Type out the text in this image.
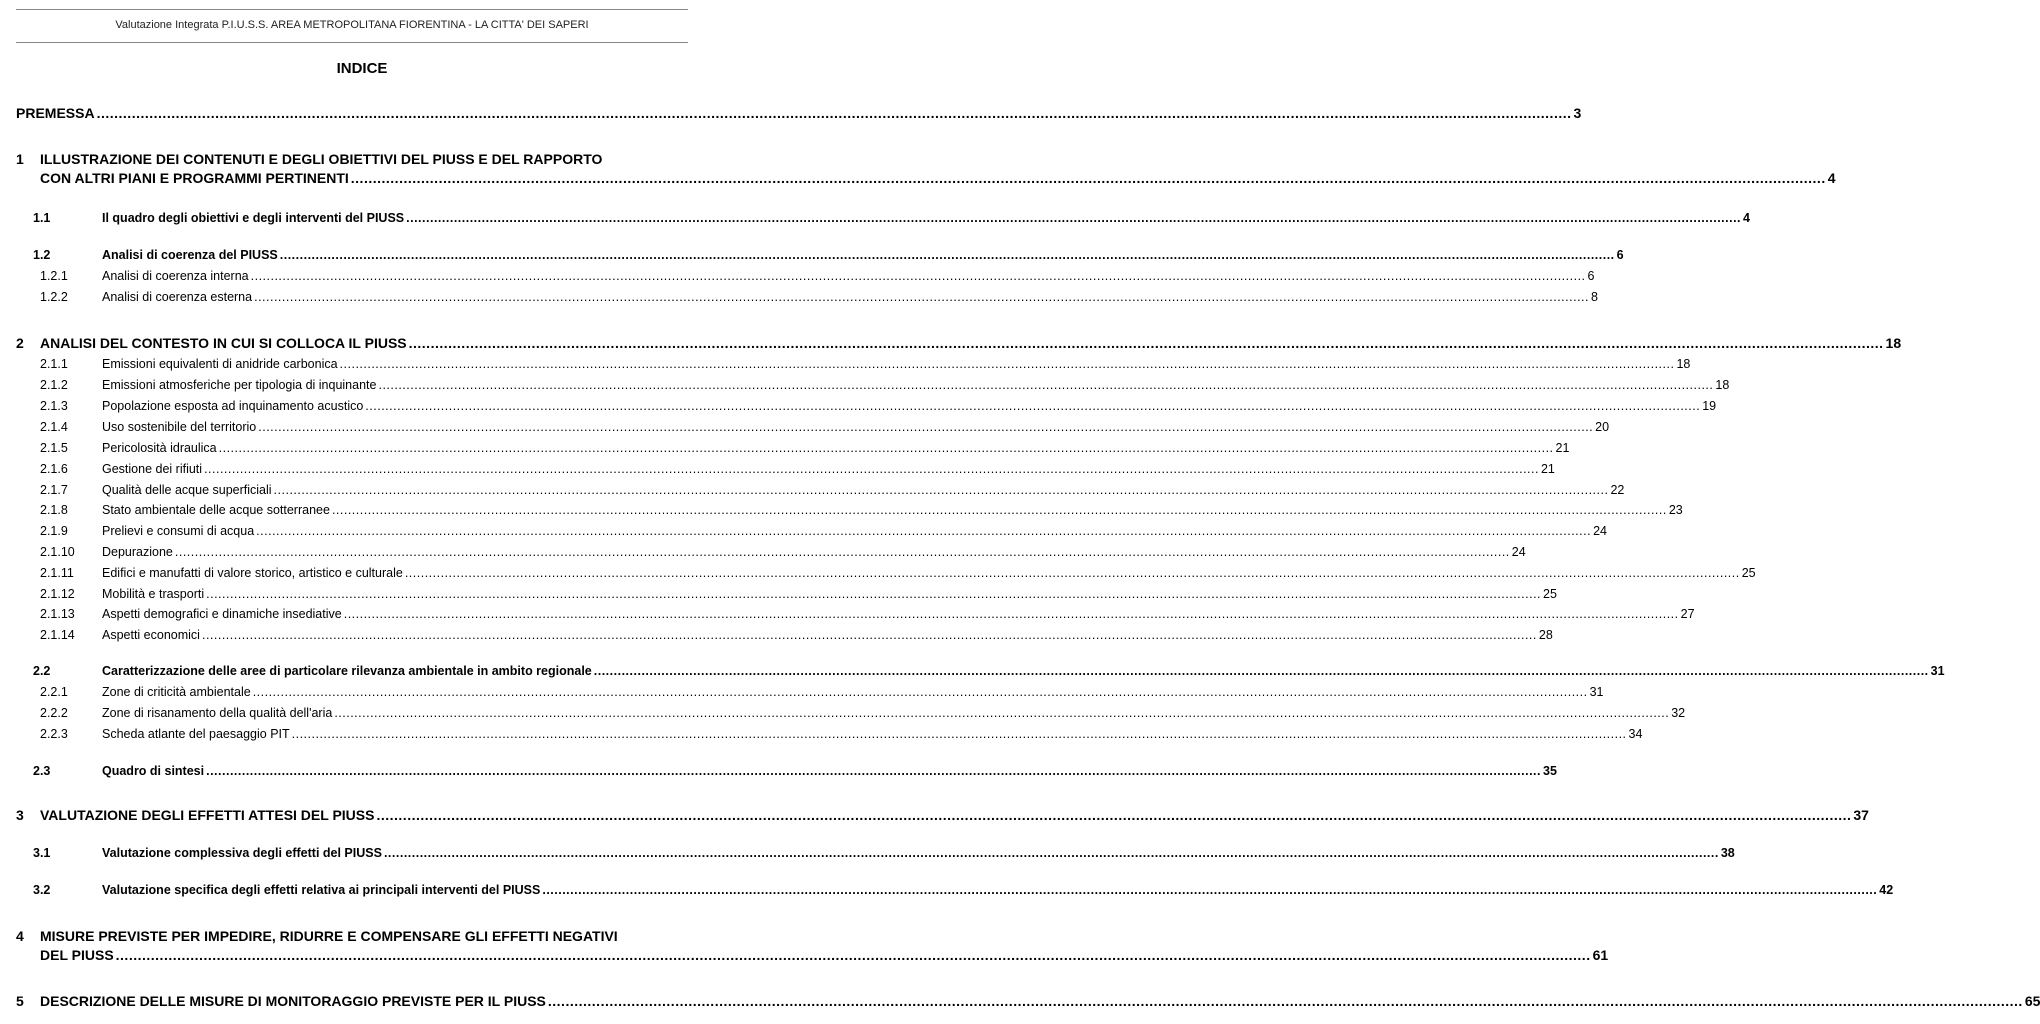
Valutazione Integrata P.I.U.S.S. AREA METROPOLITANA FIORENTINA - LA CITTA' DEI SAPERI
INDICE
PREMESSA .....	3
1	ILLUSTRAZIONE DEI CONTENUTI E DEGLI OBIETTIVI DEL PIUSS E DEL RAPPORTO
CON ALTRI PIANI E PROGRAMMI PERTINENTI .....	4
1.1	Il quadro degli obiettivi e degli interventi del PIUSS .....	4
1.2	Analisi di coerenza del PIUSS .....	6
1.2.1	Analisi di coerenza interna .....	6
1.2.2	Analisi di coerenza esterna .....	8
2	ANALISI DEL CONTESTO IN CUI SI COLLOCA IL PIUSS .....	18
2.1.1	Emissioni equivalenti di anidride carbonica .....	18
2.1.2	Emissioni atmosferiche per tipologia di inquinante .....	18
2.1.3	Popolazione esposta ad inquinamento acustico .....	19
2.1.4	Uso sostenibile del territorio .....	20
2.1.5	Pericolosità idraulica .....	21
2.1.6	Gestione dei rifiuti .....	21
2.1.7	Qualità delle acque superficiali .....	22
2.1.8	Stato ambientale delle acque sotterranee .....	23
2.1.9	Prelievi e consumi di acqua .....	24
2.1.10	Depurazione .....	24
2.1.11	Edifici e manufatti di valore storico, artistico e culturale .....	25
2.1.12	Mobilità e trasporti .....	25
2.1.13	Aspetti demografici e dinamiche insediative .....	27
2.1.14	Aspetti economici .....	28
2.2	Caratterizzazione delle aree di particolare rilevanza ambientale in ambito regionale .....	31
2.2.1	Zone di criticità ambientale .....	31
2.2.2	Zone di risanamento della qualità dell'aria .....	32
2.2.3	Scheda atlante del paesaggio PIT .....	34
2.3	Quadro di sintesi .....	35
3	VALUTAZIONE DEGLI EFFETTI ATTESI DEL PIUSS .....	37
3.1	Valutazione complessiva degli effetti del PIUSS .....	38
3.2	Valutazione specifica degli effetti relativa ai principali interventi del PIUSS .....	42
4	MISURE PREVISTE PER IMPEDIRE, RIDURRE E COMPENSARE GLI EFFETTI NEGATIVI
DEL PIUSS .....	61
5	DESCRIZIONE DELLE MISURE DI MONITORAGGIO PREVISTE PER IL PIUSS .....	65
